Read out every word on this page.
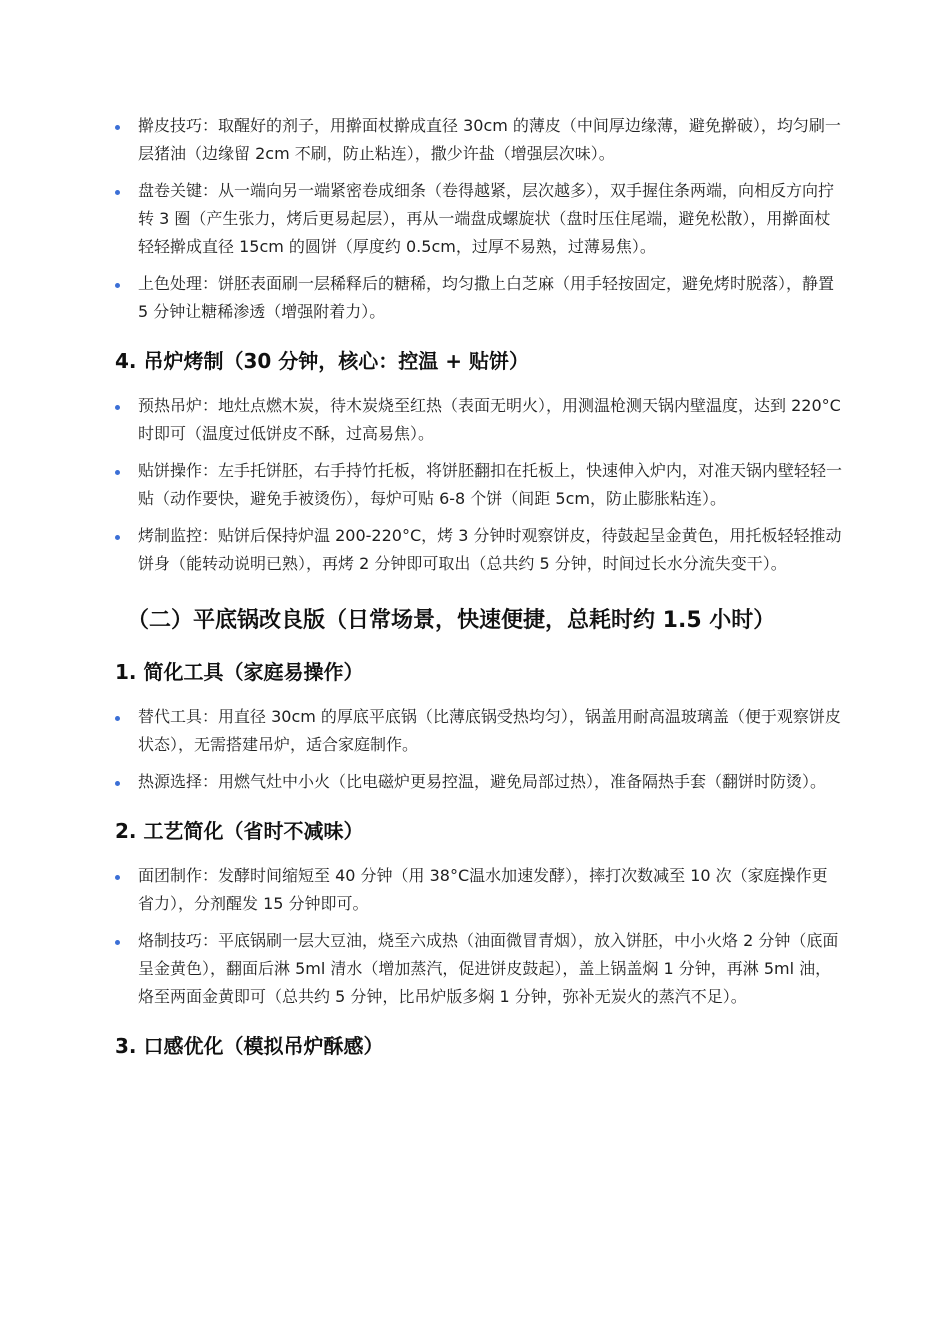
擀皮技巧：取醒好的剂子，用擀面杖擀成直径 30cm 的薄皮（中间厚边缘薄，避免擀破），均匀刷一层猪油（边缘留 2cm 不刷，防止粘连），撒少许盐（增强层次味）。
盘卷关键：从一端向另一端紧密卷成细条（卷得越紧，层次越多），双手握住条两端，向相反方向拧转 3 圈（产生张力，烤后更易起层），再从一端盘成螺旋状（盘时压住尾端，避免松散），用擀面杖轻轻擀成直径 15cm 的圆饼（厚度约 0.5cm，过厚不易熟，过薄易焦）。
上色处理：饼胚表面刷一层稀释后的糖稀，均匀撒上白芝麻（用手轻按固定，避免烤时脱落），静置 5 分钟让糖稀渗透（增强附着力）。
4. 吊炉烤制（30 分钟，核心：控温 + 贴饼）
预热吊炉：地灶点燃木炭，待木炭烧至红热（表面无明火），用测温枪测天锅内壁温度，达到 220°C时即可（温度过低饼皮不酥，过高易焦）。
贴饼操作：左手托饼胚，右手持竹托板，将饼胚翻扣在托板上，快速伸入炉内，对准天锅内壁轻轻一贴（动作要快，避免手被烫伤），每炉可贴 6-8 个饼（间距 5cm，防止膨胀粘连）。
烤制监控：贴饼后保持炉温 200-220°C，烤 3 分钟时观察饼皮，待鼓起呈金黄色，用托板轻轻推动饼身（能转动说明已熟），再烤 2 分钟即可取出（总共约 5 分钟，时间过长水分流失变干）。
（二）平底锅改良版（日常场景，快速便捷，总耗时约 1.5 小时）
1. 简化工具（家庭易操作）
替代工具：用直径 30cm 的厚底平底锅（比薄底锅受热均匀），锅盖用耐高温玻璃盖（便于观察饼皮状态），无需搭建吊炉，适合家庭制作。
热源选择：用燃气灶中小火（比电磁炉更易控温，避免局部过热），准备隔热手套（翻饼时防烫）。
2. 工艺简化（省时不减味）
面团制作：发酵时间缩短至 40 分钟（用 38°C温水加速发酵），摔打次数减至 10 次（家庭操作更省力），分剂醒发 15 分钟即可。
烙制技巧：平底锅刷一层大豆油，烧至六成热（油面微冒青烟），放入饼胚，中小火烙 2 分钟（底面呈金黄色），翻面后淋 5ml 清水（增加蒸汽，促进饼皮鼓起），盖上锅盖焖 1 分钟，再淋 5ml 油，烙至两面金黄即可（总共约 5 分钟，比吊炉版多焖 1 分钟，弥补无炭火的蒸汽不足）。
3. 口感优化（模拟吊炉酥感）
